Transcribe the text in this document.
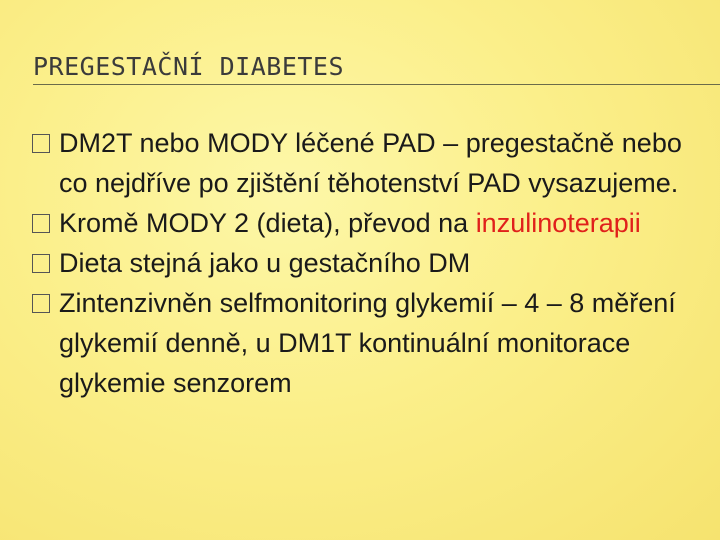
PREGESTAČNÍ DIABETES
DM2T nebo MODY léčené PAD – pregestačně nebo co nejdříve po zjištění těhotenství PAD vysazujeme.
Kromě MODY 2 (dieta), převod na inzulinoterapii
Dieta stejná jako u gestačního DM
Zintenzivněn selfmonitoring glykemií – 4 – 8 měření glykemií denně, u DM1T kontinuální monitorace glykemie senzorem
